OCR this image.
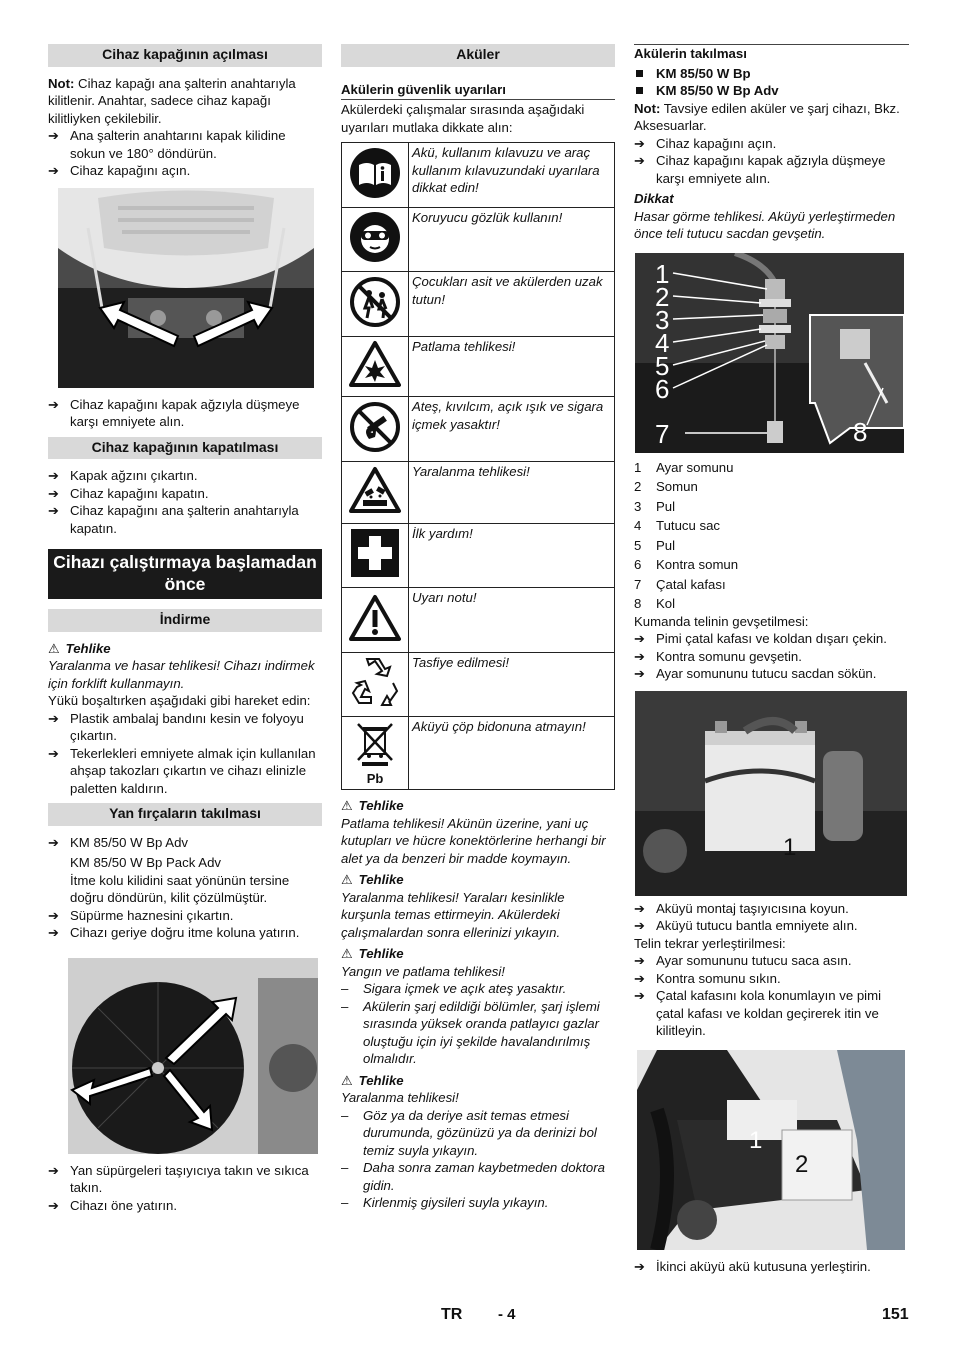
Cihaz kapağının açılması

Not: Cihaz kapağı ana şalterin anahtarıyla kilitlenir. Anahtar, sadece cihaz kapağı kilitliyken çekilebilir.

➔ Ana şalterin anahtarını kapak kilidine sokun ve 180° döndürün.

➔ Cihaz kapağını açın.

➔ Cihaz kapağını kapak ağzıyla düşmeye karşı emniyete alın.

Cihaz kapağının kapatılması

➔ Kapak ağzını çıkartın.

➔ Cihaz kapağını kapatın.

➔ Cihaz kapağını ana şalterin anahtarıyla kapatın.

Cihazı çalıştırmaya başlamadan önce
İndirme

⚠ Tehlike

Yaralanma ve hasar tehlikesi! Cihazı indirmek için forklift kullanmayın.

Yükü boşaltırken aşağıdaki gibi hareket edin:

➔ Plastik ambalaj bandını kesin ve folyoyu çıkartın.

➔ Tekerlekleri emniyete almak için kullanılan ahşap takozları çıkartın ve cihazı elinizle paletten kaldırın.

Yan fırçaların takılması

➔ KM 85/50 W Bp Adv

KM 85/50 W Bp Pack Adv

İtme kolu kilidini saat yönünün tersine doğru döndürün, kilit çözülmüştür.

➔ Süpürme haznesini çıkartın.

➔ Cihazı geriye doğru itme koluna yatırın.

➔ Yan süpürgeleri taşıyıcıya takın ve sıkıca takın.

➔ Cihazı öne yatırın.

Aküler

Akülerin güvenlik uyarıları

Akülerdeki çalışmalar sırasında aşağıdaki uyarıları mutlaka dikkate alın:

	Akü, kullanım kılavuzu ve araç kullanım kılavuzundaki uyarılara dikkat edin!
	Koruyucu gözlük kullanın!
	Çocukları asit ve akülerden uzak tutun!
	Patlama tehlikesi!
	Ateş, kıvılcım, açık ışık ve sigara içmek yasaktır!
	Yaralanma tehlikesi!
	İlk yardım!
	Uyarı notu!
	Tasfiye edilmesi!

Pb	Aküyü çöp bidonuna atmayın!

⚠ Tehlike

Patlama tehlikesi! Akünün üzerine, yani uç kutupları ve hücre konektörlerine herhangi bir alet ya da benzeri bir madde koymayın.

⚠ Tehlike

Yaralanma tehlikesi! Yaraları kesinlikle kurşunla temas ettirmeyin. Akülerdeki çalışmalardan sonra ellerinizi yıkayın.

⚠ Tehlike

Yangın ve patlama tehlikesi!

– Sigara içmek ve açık ateş yasaktır.

– Akülerin şarj edildiği bölümler, şarj işlemi sırasında yüksek oranda patlayıcı gazlar oluştuğu için iyi şekilde havalandırılmış olmalıdır.

⚠ Tehlike

Yaralanma tehlikesi!

– Göz ya da deriye asit temas etmesi durumunda, gözünüzü ya da derinizi bol temiz suyla yıkayın.

– Daha sonra zaman kaybetmeden doktora gidin.

– Kirlenmiş giysileri suyla yıkayın.

Akülerin takılması

KM 85/50 W Bp

KM 85/50 W Bp Adv

Not: Tavsiye edilen aküler ve şarj cihazı, Bkz. Aksesuarlar.

➔ Cihaz kapağını açın.

➔ Cihaz kapağını kapak ağzıyla düşmeye karşı emniyete alın.

Dikkat

Hasar görme tehlikesi. Aküyü yerleştirmeden önce teli tutucu sacdan gevşetin.

1
2
3
4
5
6
7	8
1	Ayar somunu
2	Somun
3	Pul
4	Tutucu sac
5	Pul
6	Kontra somun
7	Çatal kafası
8	Kol

Kumanda telinin gevşetilmesi:

➔ Pimi çatal kafası ve koldan dışarı çekin.

➔ Kontra somunu gevşetin.

➔ Ayar somununu tutucu sacdan sökün.

1

➔ Aküyü montaj taşıyıcısına koyun.

➔ Aküyü tutucu bantla emniyete alın.

Telin tekrar yerleştirilmesi:

➔ Ayar somununu tutucu saca asın.

➔ Kontra somunu sıkın.

➔ Çatal kafasını kola konumlayın ve pimi çatal kafası ve koldan geçirerek itin ve kilitleyin.

1
2

➔ İkinci aküyü akü kutusuna yerleştirin.

TR - 4	151
